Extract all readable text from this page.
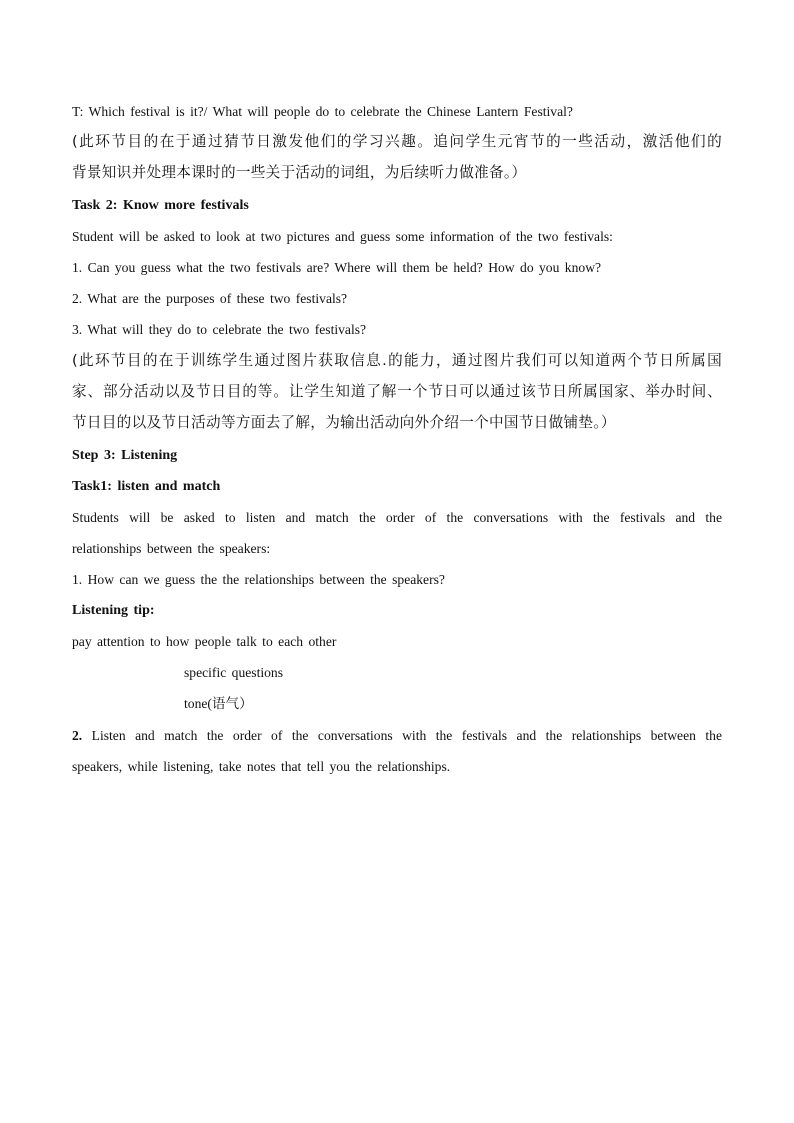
T: Which festival is it?/ What will people do to celebrate the Chinese Lantern Festival?
(此环节目的在于通过猜节日激发他们的学习兴趣。追问学生元宵节的一些活动，激活他们的
背景知识并处理本课时的一些关于活动的词组，为后续听力做准备。）
Task 2: Know more festivals
Student will be asked to look at two pictures and guess some information of the two festivals:
1. Can you guess what the two festivals are? Where will them be held? How do you know?
2. What are the purposes of these two festivals?
3. What will they do to celebrate the two festivals?
(此环节目的在于训练学生通过图片获取信息.的能力，通过图片我们可以知道两个节日所属国
家、部分活动以及节日目的等。让学生知道了解一个节日可以通过该节日所属国家、举办时间、
节日目的以及节日活动等方面去了解，为输出活动向外介绍一个中国节日做铺垫。）
Step 3: Listening
Task1: listen and match
Students will be asked to listen and match the order of the conversations with the festivals and the
relationships between the speakers:
1. How can we guess the the relationships between the speakers?
Listening tip:
pay attention to how people talk to each other
specific questions
tone(语气）
2. Listen and match the order of the conversations with the festivals and the relationships between the
speakers, while listening, take notes that tell you the relationships.
